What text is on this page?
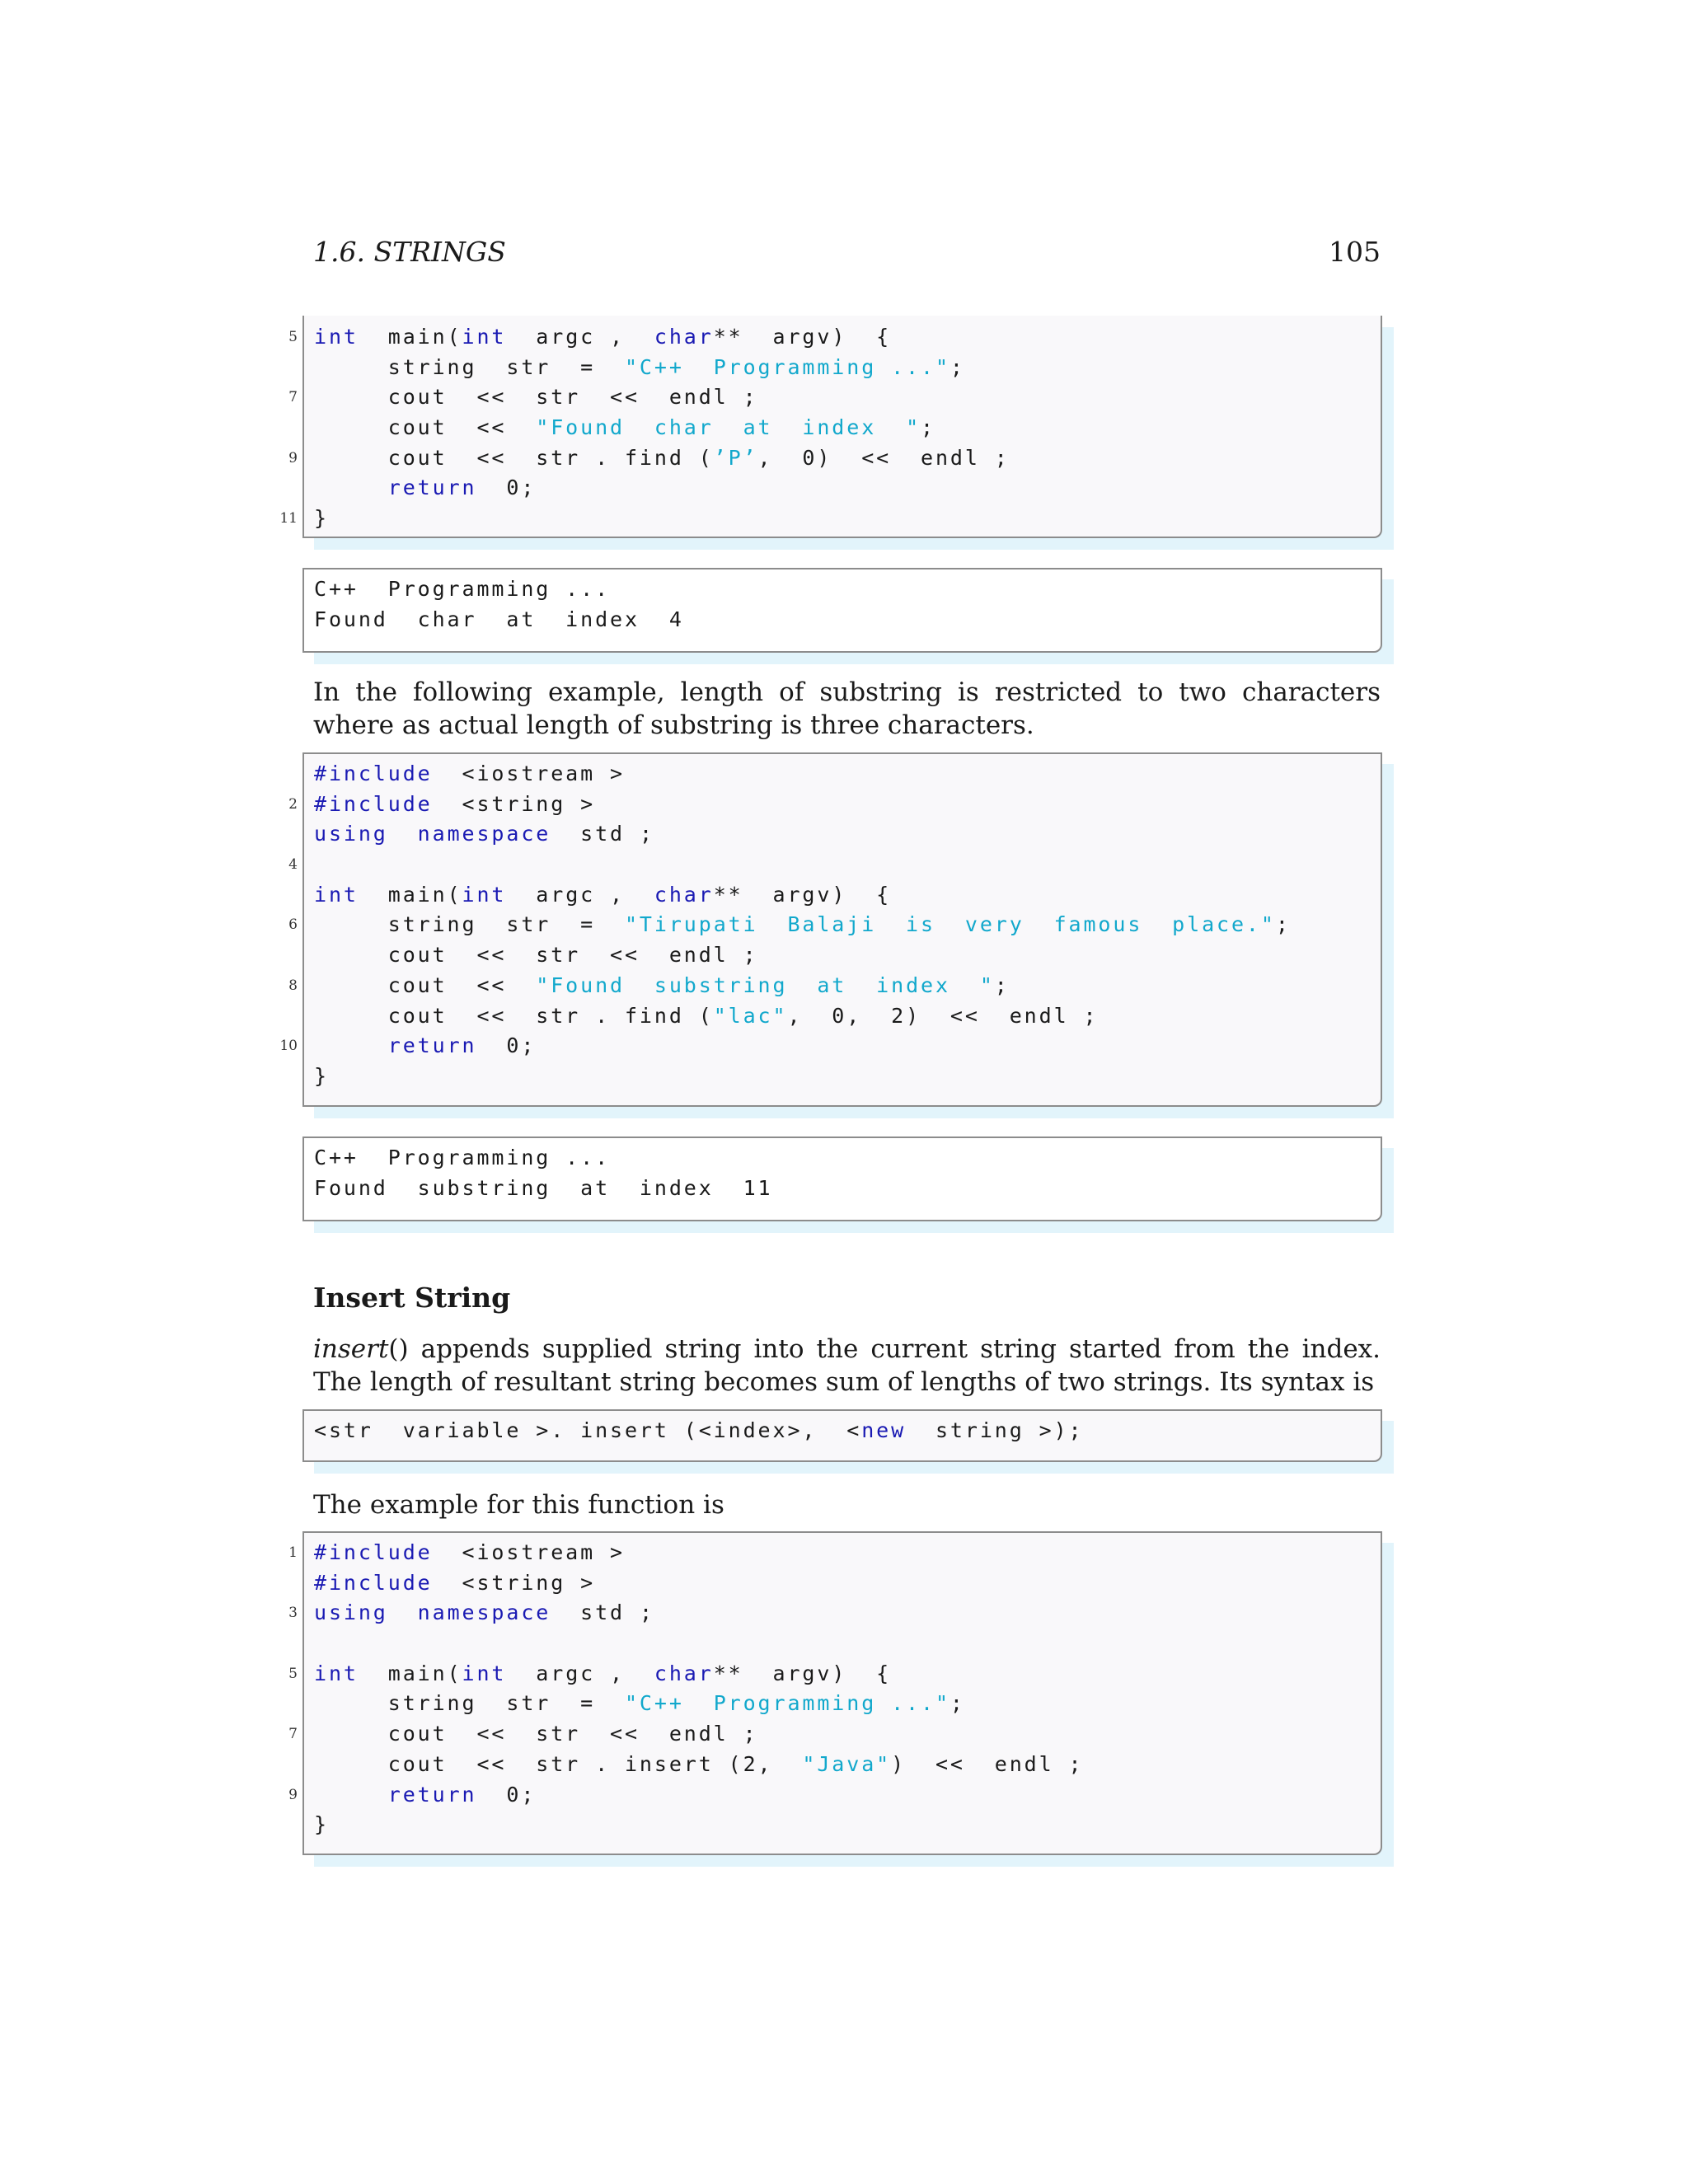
1.6. STRINGS	105
5 int  main(int  argc ,  char**  argv)  {
string  str  =  "C++  Programming ...";
7 cout  <<  str  <<  endl ;
cout  <<  "Found  char  at  index  ";
9 cout  <<  str . find (’P’,  0)  <<  endl ;
return  0;
11 }
C++  Programming ...
Found  char  at  index  4
In the following example, length of substring is restricted to two characters where as actual length of substring is three characters.
#include  <iostream >
2 #include  <string >
using namespace  std ;
4
int  main(int  argc ,  char**  argv)  {
6 string  str  =  "Tirupati  Balaji  is  very  famous  place.";
cout  <<  str  <<  endl ;
8 cout  <<  "Found  substring  at  index  ";
cout  <<  str . find ("lac",  0,  2)  <<  endl ;
10	return  0;
}
C++  Programming ...
Found  substring  at  index  11
Insert String
insert() appends supplied string into the current string started from the index. The length of resultant string becomes sum of lengths of two strings. Its syntax is
<str  variable >. insert (<index>,  <new  string >);
The example for this function is
1 #include  <iostream >
#include  <string >
3 using namespace  std ;
5 int  main(int  argc ,  char**  argv)  {
string  str  =  "C++  Programming ...";
7 cout  <<  str  <<  endl ;
cout  <<  str . insert (2,  "Java")  <<  endl ;
9	return  0;
}
